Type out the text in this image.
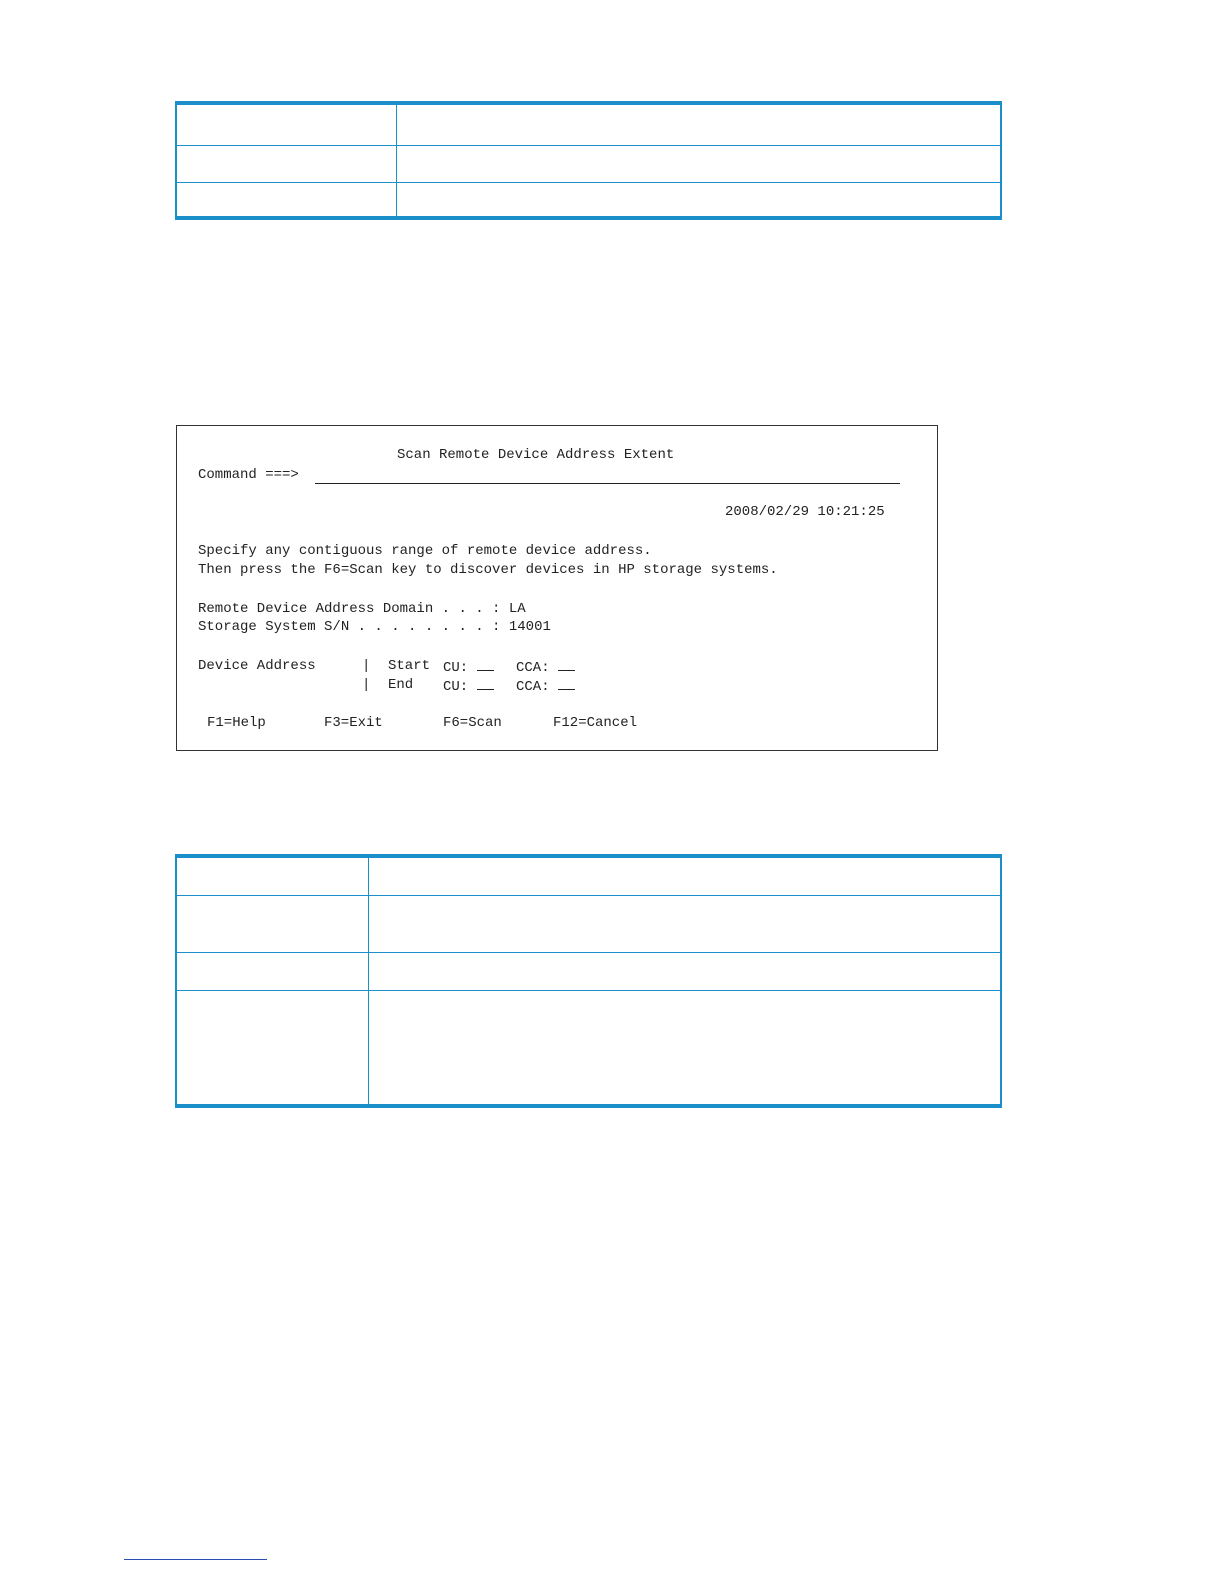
Scan Remote Device Address Extent
Command ===>
2008/02/29 10:21:25
Specify any contiguous range of remote device address.
Then press the F6=Scan key to discover devices in HP storage systems.
Remote Device Address Domain . . . : LA
Storage System S/N . . . . . . . . : 14001
Device Address	| Start CU:	CCA:
| End CU:	CCA:
F1=Help	F3=Exit	F6=Scan	F12=Cancel
